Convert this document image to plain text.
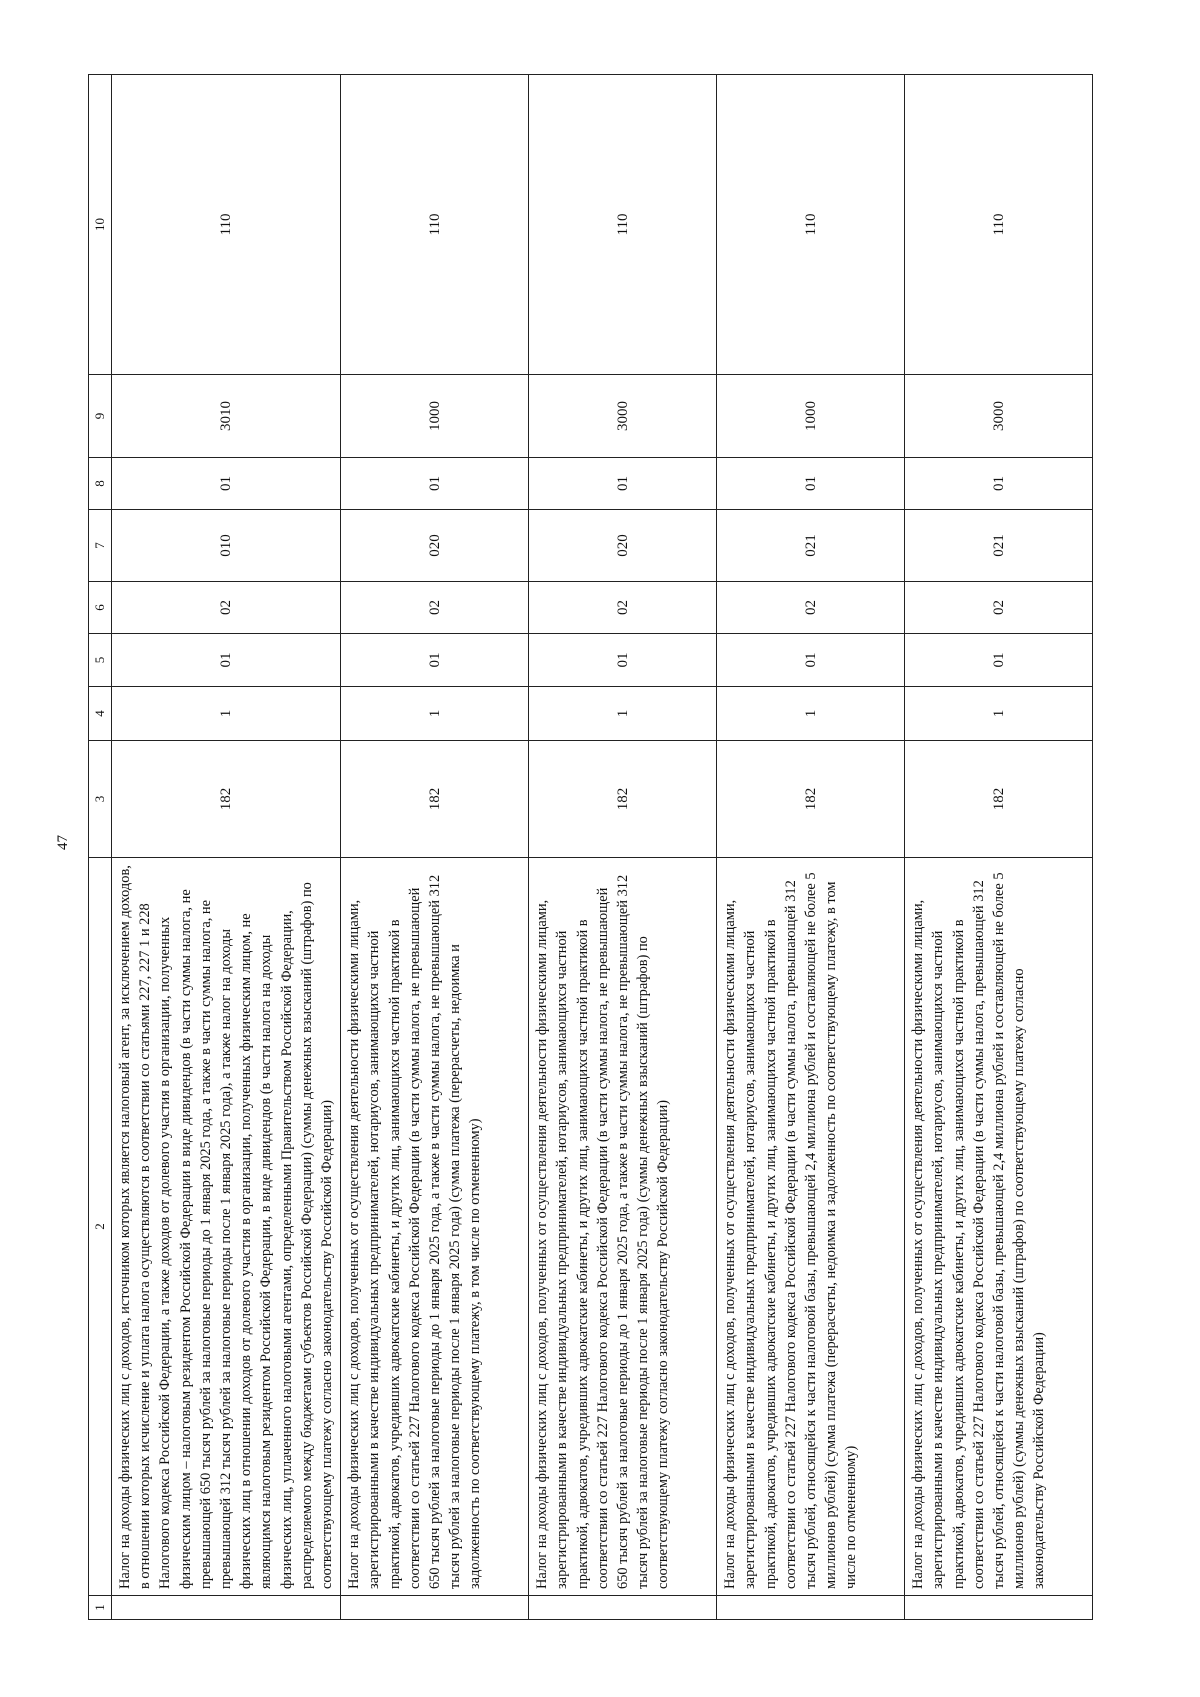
47
1	2	3	4	5	6	7	8	9	10
	Налог на доходы физических лиц с доходов, источником которых является налоговый агент, за исключением доходов, в отношении которых исчисление и уплата налога осуществляются в соответствии со статьями 227, 227 1 и 228 Налогового кодекса Российской Федерации, а также доходов от долевого участия в организации, полученных физическим лицом – налоговым резидентом Российской Федерации в виде дивидендов (в части суммы налога, не превышающей 650 тысяч рублей за налоговые периоды до 1 января 2025 года, а также в части суммы налога, не превышающей 312 тысяч рублей за налоговые периоды после 1 января 2025 года), а также налог на доходы физических лиц в отношении доходов от долевого участия в организации, полученных физическим лицом, не являющимся налоговым резидентом Российской Федерации, в виде дивидендов (в части налога на доходы физических лиц, уплаченного налоговыми агентами, определенными Правительством Российской Федерации, распределяемого между бюджетами субъектов Российской Федерации) (суммы денежных взысканий (штрафов) по соответствующему платежу согласно законодательству Российской Федерации)	182	1	01	02	010	01	3010	110
	Налог на доходы физических лиц с доходов, полученных от осуществления деятельности физическими лицами, зарегистрированными в качестве индивидуальных предпринимателей, нотариусов, занимающихся частной практикой, адвокатов, учредивших адвокатские кабинеты, и других лиц, занимающихся частной практикой в соответствии со статьей 227 Налогового кодекса Российской Федерации (в части суммы налога, не превышающей 650 тысяч рублей за налоговые периоды до 1 января 2025 года, а также в части суммы налога, не превышающей 312 тысяч рублей за налоговые периоды после 1 января 2025 года) (сумма платежа (перерасчеты, недоимка и задолженность по соответствующему платежу, в том числе по отмененному)	182	1	01	02	020	01	1000	110
	Налог на доходы физических лиц с доходов, полученных от осуществления деятельности физическими лицами, зарегистрированными в качестве индивидуальных предпринимателей, нотариусов, занимающихся частной практикой, адвокатов, учредивших адвокатские кабинеты, и других лиц, занимающихся частной практикой в соответствии со статьей 227 Налогового кодекса Российской Федерации (в части суммы налога, не превышающей 650 тысяч рублей за налоговые периоды до 1 января 2025 года, а также в части суммы налога, не превышающей 312 тысяч рублей за налоговые периоды после 1 января 2025 года) (суммы денежных взысканий (штрафов) по соответствующему платежу согласно законодательству Российской Федерации)	182	1	01	02	020	01	3000	110
	Налог на доходы физических лиц с доходов, полученных от осуществления деятельности физическими лицами, зарегистрированными в качестве индивидуальных предпринимателей, нотариусов, занимающихся частной практикой, адвокатов, учредивших адвокатские кабинеты, и других лиц, занимающихся частной практикой в соответствии со статьей 227 Налогового кодекса Российской Федерации (в части суммы налога, превышающей 312 тысяч рублей, относящейся к части налоговой базы, превышающей 2,4 миллиона рублей и составляющей не более 5 миллионов рублей) (сумма платежа (перерасчеты, недоимка и задолженность по соответствующему платежу, в том числе по отмененному)	182	1	01	02	021	01	1000	110
	Налог на доходы физических лиц с доходов, полученных от осуществления деятельности физическими лицами, зарегистрированными в качестве индивидуальных предпринимателей, нотариусов, занимающихся частной практикой, адвокатов, учредивших адвокатские кабинеты, и других лиц, занимающихся частной практикой в соответствии со статьей 227 Налогового кодекса Российской Федерации (в части суммы налога, превышающей 312 тысяч рублей, относящейся к части налоговой базы, превышающей 2,4 миллиона рублей и составляющей не более 5 миллионов рублей) (суммы денежных взысканий (штрафов) по соответствующему платежу согласно законодательству Российской Федерации)	182	1	01	02	021	01	3000	110
